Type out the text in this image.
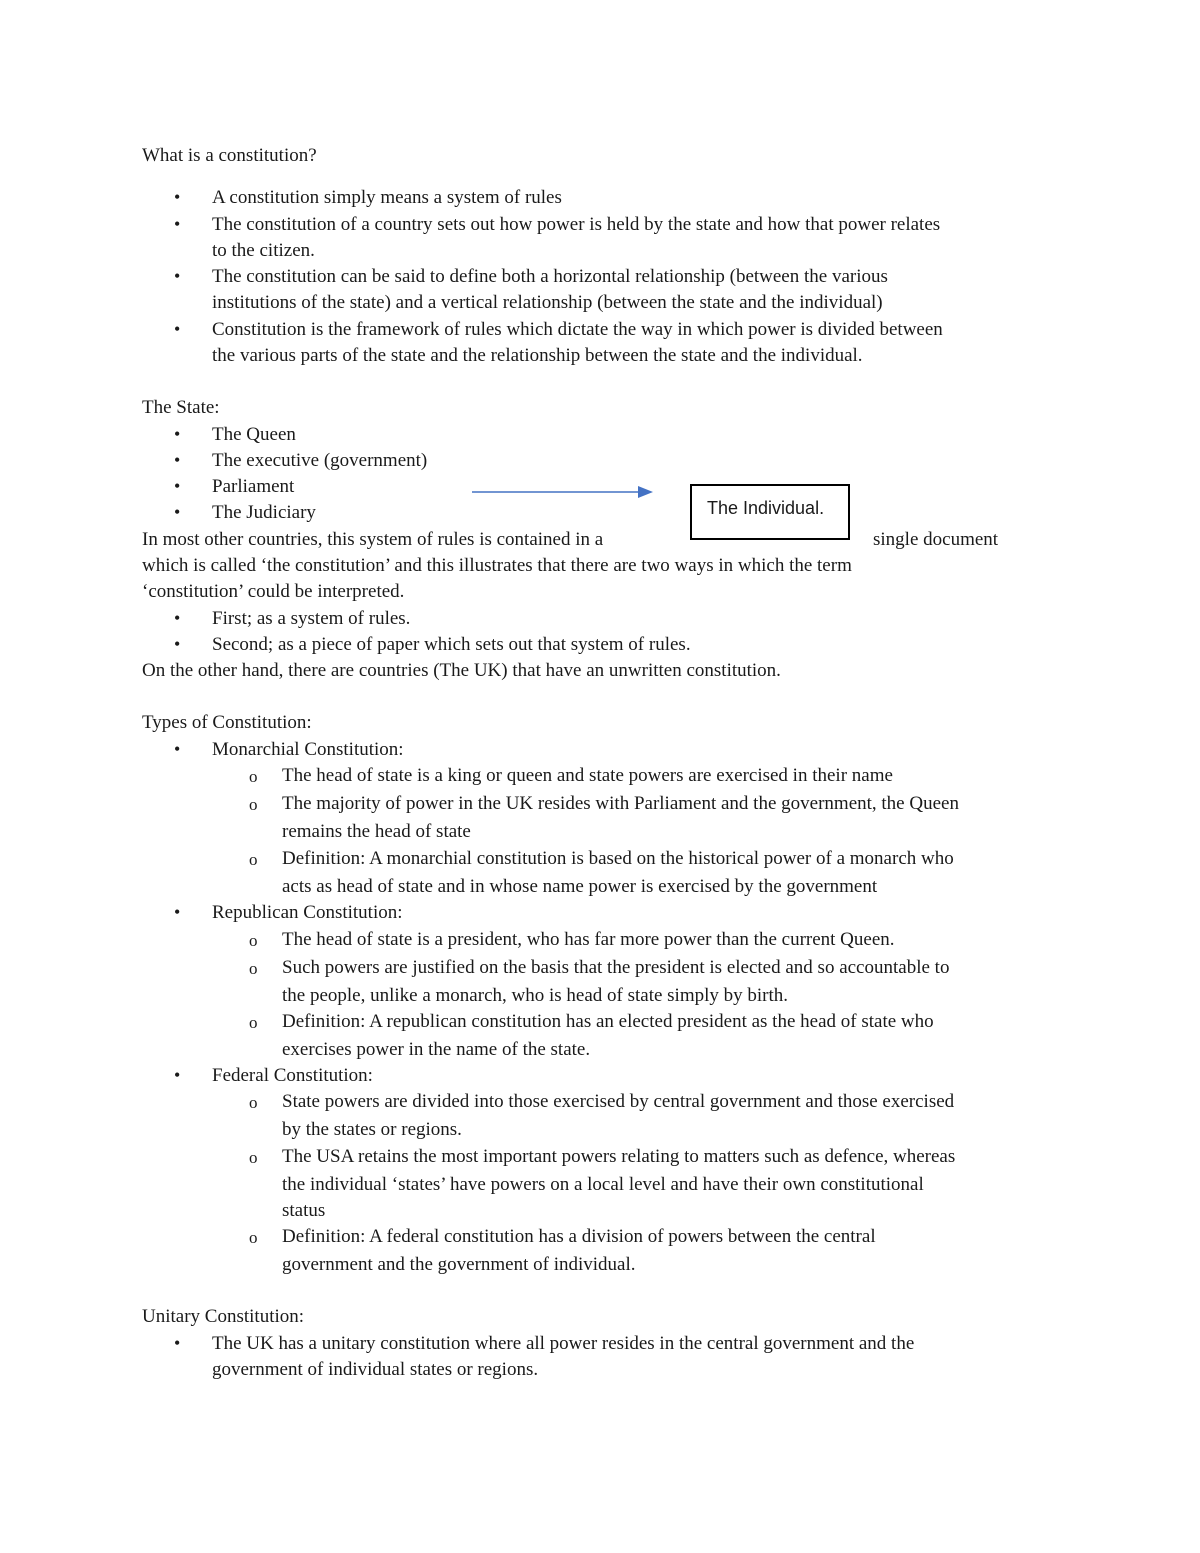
What is a constitution?

• A constitution simply means a system of rules

• The constitution of a country sets out how power is held by the state and how that power relates

to the citizen.

• The constitution can be said to define both a horizontal relationship (between the various

institutions of the state) and a vertical relationship (between the state and the individual)

• Constitution is the framework of rules which dictate the way in which power is divided between

the various parts of the state and the relationship between the state and the individual.

The State:

• The Queen

• The executive (government)

• Parliament

• The Judiciary	The Individual.

In most other countries, this system of rules is contained in a	single document

which is called ‘the constitution’ and this illustrates that there are two ways in which the term

‘constitution’ could be interpreted.

• First; as a system of rules.

• Second; as a piece of paper which sets out that system of rules.

On the other hand, there are countries (The UK) that have an unwritten constitution.

Types of Constitution:

• Monarchial Constitution:

o The head of state is a king or queen and state powers are exercised in their name

o The majority of power in the UK resides with Parliament and the government, the Queen

remains the head of state

o Definition: A monarchial constitution is based on the historical power of a monarch who

acts as head of state and in whose name power is exercised by the government

• Republican Constitution:

o The head of state is a president, who has far more power than the current Queen.

o Such powers are justified on the basis that the president is elected and so accountable to

the people, unlike a monarch, who is head of state simply by birth.

o Definition: A republican constitution has an elected president as the head of state who

exercises power in the name of the state.

• Federal Constitution:

o State powers are divided into those exercised by central government and those exercised

by the states or regions.

o The USA retains the most important powers relating to matters such as defence, whereas

the individual ‘states’ have powers on a local level and have their own constitutional

status

o Definition: A federal constitution has a division of powers between the central

government and the government of individual.

Unitary Constitution:

• The UK has a unitary constitution where all power resides in the central government and the

government of individual states or regions.
